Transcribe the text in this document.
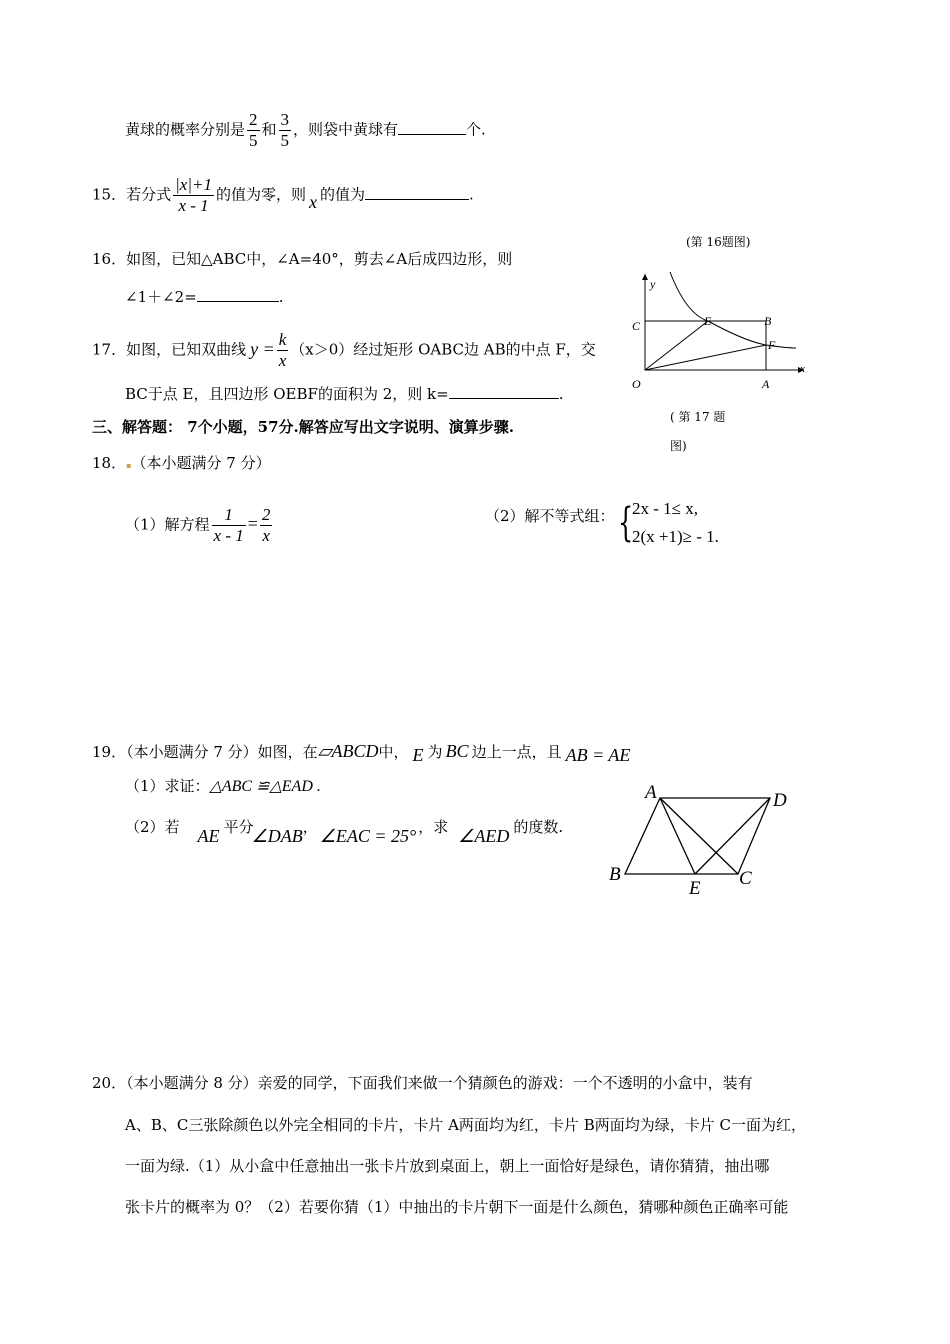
黄球的概率分别是 $\frac{2}{5}$ 和 $\frac{3}{5}$ ，则袋中黄球有	个.
15．若分式 $\frac{|x|+1}{x - 1}$ 的值为零，则 x 的值为	.
16．如图，已知△ABC中，∠A=40°，剪去∠A后成四边形，则
∠1＋∠2=	.
17．如图，已知双曲线 $y = \frac{k}{x} (x>0)$经过矩形 OABC边 AB的中点 F，交
BC于点 E，且四边形 OEBF的面积为 2，则 k=	.
(第 16题图)
y
x
C	E	B
F
O	A
( 第 17 题
图)
三、解答题： 7个小题，57分.解答应写出文字说明、演算步骤.
18．▪（本小题满分 7 分）
（1）解方程 $\frac{1}{x - 1} = \frac{2}{x}$	（2）解不等式组： {
2x - 1≤ x,
2(x +1)≥ - 1.
19．（本小题满分 7 分）如图，在▱ABCD中， E 为 BC 边上一点，且 AB = AE
（1）求证：△ABC ≌△EAD .
（2）若 AE 平分∠DAB， ∠EAC = 25° ，求 ∠AED 的度数.
A	D
B
E C
20．（本小题满分 8 分）亲爱的同学，下面我们来做一个猜颜色的游戏：一个不透明的小盒中，装有
A、B、C三张除颜色以外完全相同的卡片，卡片 A两面均为红，卡片 B两面均为绿，卡片 C一面为红，
一面为绿.（1）从小盒中任意抽出一张卡片放到桌面上，朝上一面恰好是绿色，请你猜猜，抽出哪
张卡片的概率为 0？（2）若要你猜（1）中抽出的卡片朝下一面是什么颜色，猜哪种颜色正确率可能
